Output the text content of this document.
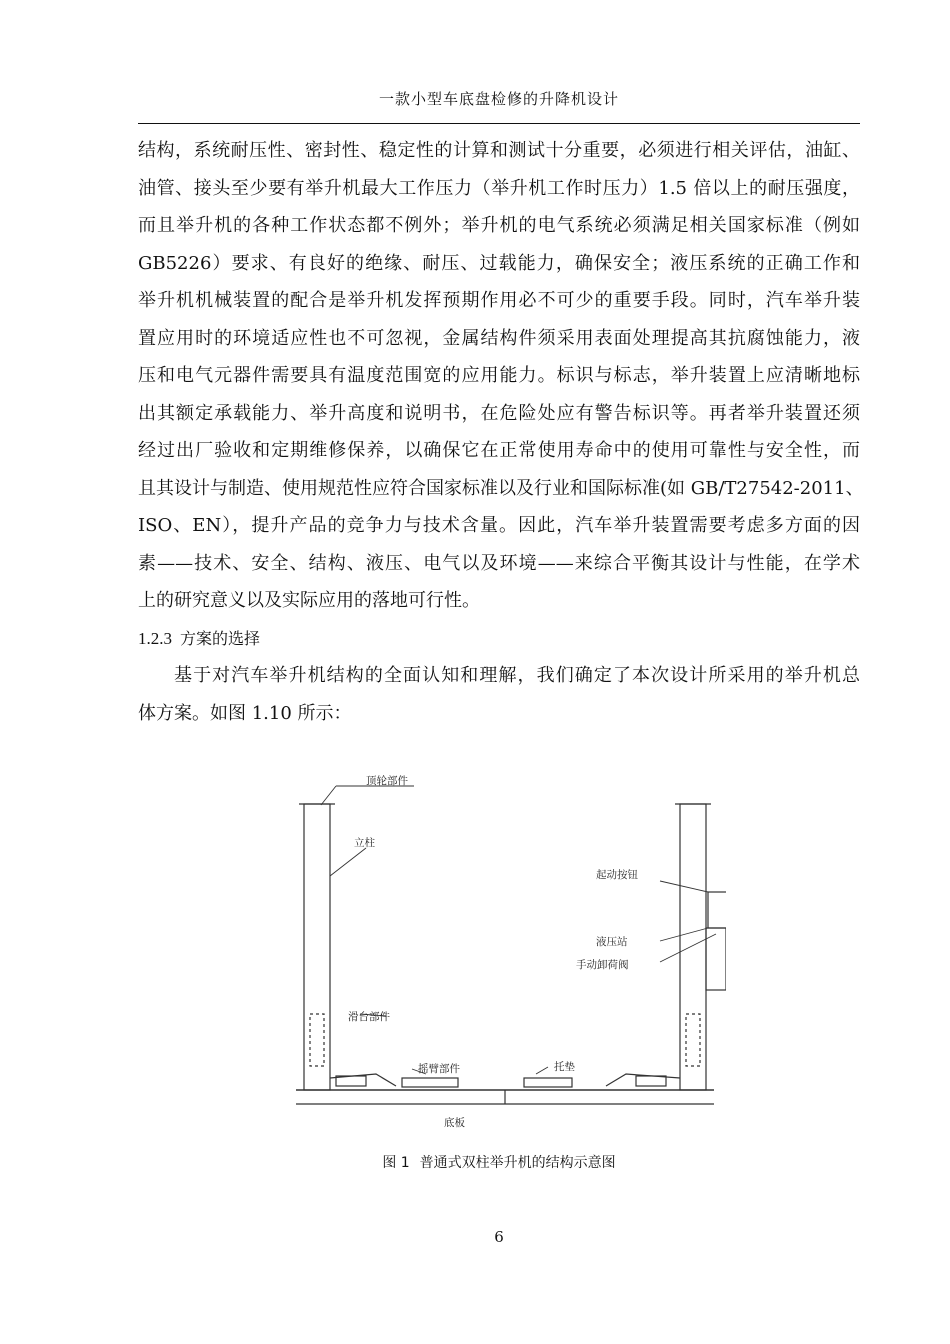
一款小型车底盘检修的升降机设计
结构，系统耐压性、密封性、稳定性的计算和测试十分重要，必须进行相关评估，油缸、
油管、接头至少要有举升机最大工作压力（举升机工作时压力）1.5 倍以上的耐压强度，
而且举升机的各种工作状态都不例外；举升机的电气系统必须满足相关国家标准（例如
GB5226）要求、有良好的绝缘、耐压、过载能力，确保安全；液压系统的正确工作和
举升机机械装置的配合是举升机发挥预期作用必不可少的重要手段。同时，汽车举升装
置应用时的环境适应性也不可忽视，金属结构件须采用表面处理提高其抗腐蚀能力，液
压和电气元器件需要具有温度范围宽的应用能力。标识与标志，举升装置上应清晰地标
出其额定承载能力、举升高度和说明书，在危险处应有警告标识等。再者举升装置还须
经过出厂验收和定期维修保养，以确保它在正常使用寿命中的使用可靠性与安全性，而
且其设计与制造、使用规范性应符合国家标准以及行业和国际标准(如 GB/T27542-2011、
ISO、EN），提升产品的竞争力与技术含量。因此，汽车举升装置需要考虑多方面的因
素——技术、安全、结构、液压、电气以及环境——来综合平衡其设计与性能，在学术
上的研究意义以及实际应用的落地可行性。
1.2.3 方案的选择
基于对汽车举升机结构的全面认知和理解，我们确定了本次设计所采用的举升机总
体方案。如图 1.10 所示：
顶轮部件
立柱
起动按钮
液压站
手动卸荷阀
滑台部件
摇臂部件	托垫
底板
图 1 普通式双柱举升机的结构示意图
6
